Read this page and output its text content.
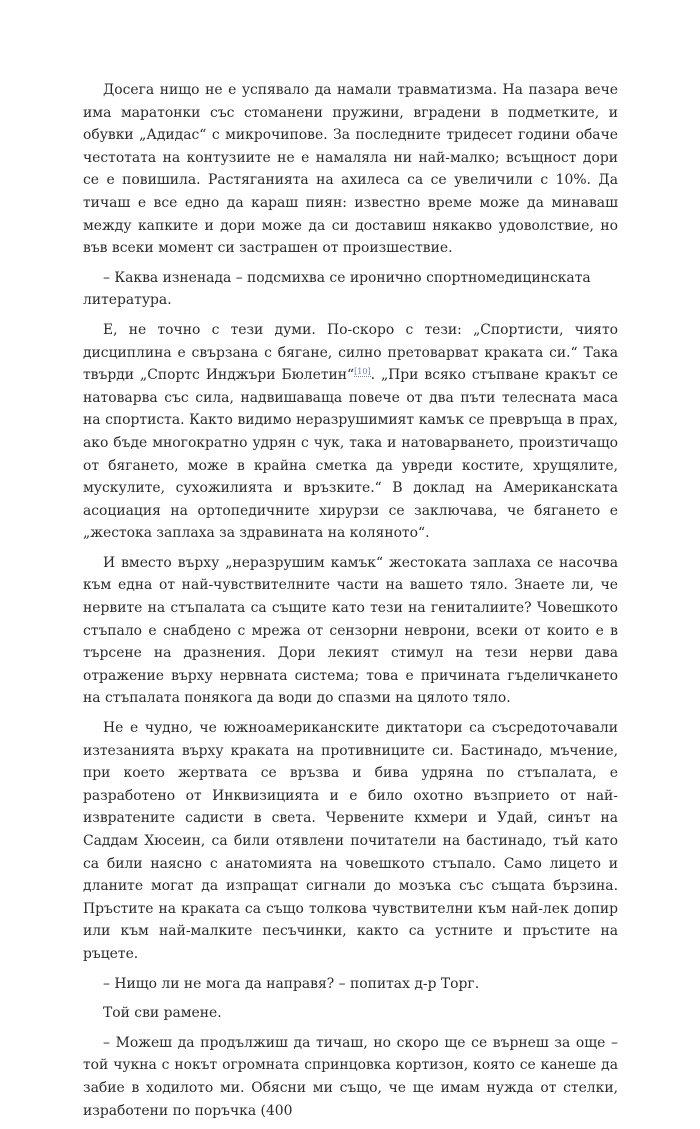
Досега нищо не е успявало да намали травматизма. На пазара вече има маратонки със стоманени пружини, вградени в подметките, и обувки „Адидас“ с микрочипове. За последните тридесет години обаче честотата на контузиите не е намаляла ни най-малко; всъщност дори се е повишила. Растяганията на ахилеса са се увеличили с 10%. Да тичаш е все едно да караш пиян: известно време може да минаваш между капките и дори може да си доставиш някакво удоволствие, но във всеки момент си застрашен от произшествие.

– Каква изненада – подсмихва се иронично спортномедицинската литература.

Е, не точно с тези думи. По-скоро с тези: „Спортисти, чиято дисциплина е свързана с бягане, силно претоварват краката си.“ Така твърди „Спортс Инджъри Бюлетин“[10]. „При всяко стъпване кракът се натоварва със сила, надвишаваща повече от два пъти телесната маса на спортиста. Както видимо неразрушимият камък се превръща в прах, ако бъде многократно удрян с чук, така и натоварването, произтичащо от бягането, може в крайна сметка да увреди костите, хрущялите, мускулите, сухожилията и връзките.“ В доклад на Американската асоциация на ортопедичните хирурзи се заключава, че бягането е „жестока заплаха за здравината на коляното“.

И вместо върху „неразрушим камък“ жестоката заплаха се насочва към една от най-чувствителните части на вашето тяло. Знаете ли, че нервите на стъпалата са същите като тези на гениталиите? Човешкото стъпало е снабдено с мрежа от сензорни неврони, всеки от които е в търсене на дразнения. Дори лекият стимул на тези нерви дава отражение върху нервната система; това е причината гъделичкането на стъпалата понякога да води до спазми на цялото тяло.

Не е чудно, че южноамериканските диктатори са съсредоточавали изтезанията върху краката на противниците си. Бастинадо, мъчение, при което жертвата се връзва и бива удряна по стъпалата, е разработено от Инквизицията и е било охотно възприето от най-извратените садисти в света. Червените кхмери и Удай, синът на Саддам Хюсеин, са били отявлени почитатели на бастинадо, тъй като са били наясно с анатомията на човешкото стъпало. Само лицето и дланите могат да изпращат сигнали до мозъка със същата бързина. Пръстите на краката са също толкова чувствителни към най-лек допир или към най-малките песъчинки, както са устните и пръстите на ръцете.

– Нищо ли не мога да направя? – попитах д-р Торг.

Той сви рамене.

– Можеш да продължиш да тичаш, но скоро ще се върнеш за още – той чукна с нокът огромната спринцовка кортизон, която се канеше да забие в ходилото ми. Обясни ми също, че ще имам нужда от стелки, изработени по поръчка (400
